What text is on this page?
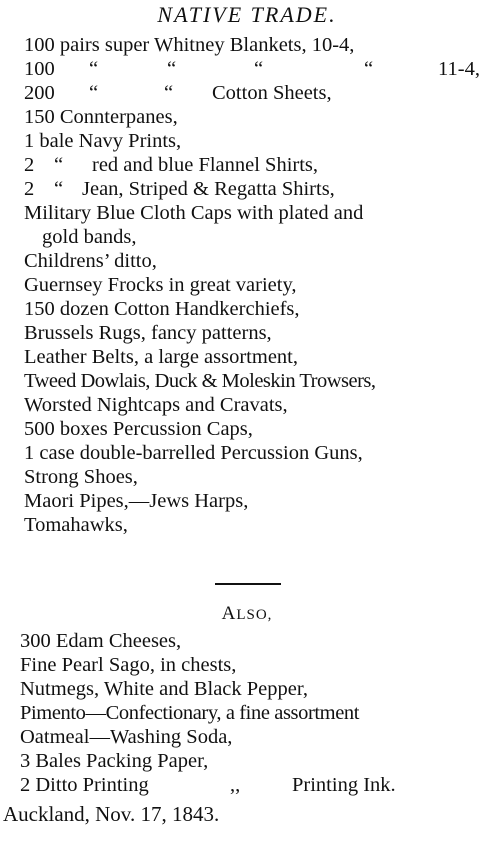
NATIVE TRADE.
100 pairs super Whitney Blankets, 10-4,
100 “	“	“	“	11-4,
200 “	“ Cotton Sheets,
150 Connterpanes,
1 bale Navy Prints,
2 “ red and blue Flannel Shirts,
2 “ Jean, Striped & Regatta Shirts,
Military Blue Cloth Caps with plated and
gold bands,
Childrens’ ditto,
Guernsey Frocks in great variety,
150 dozen Cotton Handkerchiefs,
Brussels Rugs, fancy patterns,
Leather Belts, a large assortment,
Tweed Dowlais, Duck & Moleskin Trowsers,
Worsted Nightcaps and Cravats,
500 boxes Percussion Caps,
1 case double-barrelled Percussion Guns,
Strong Shoes,
Maori Pipes,—Jews Harps,
Tomahawks,
ALSO,
300 Edam Cheeses,
Fine Pearl Sago, in chests,
Nutmegs, White and Black Pepper,
Pimento—Confectionary, a fine assortment
Oatmeal—Washing Soda,
3 Bales Packing Paper,
2 Ditto Printing	,,	Printing Ink.
Auckland, Nov. 17, 1843.
